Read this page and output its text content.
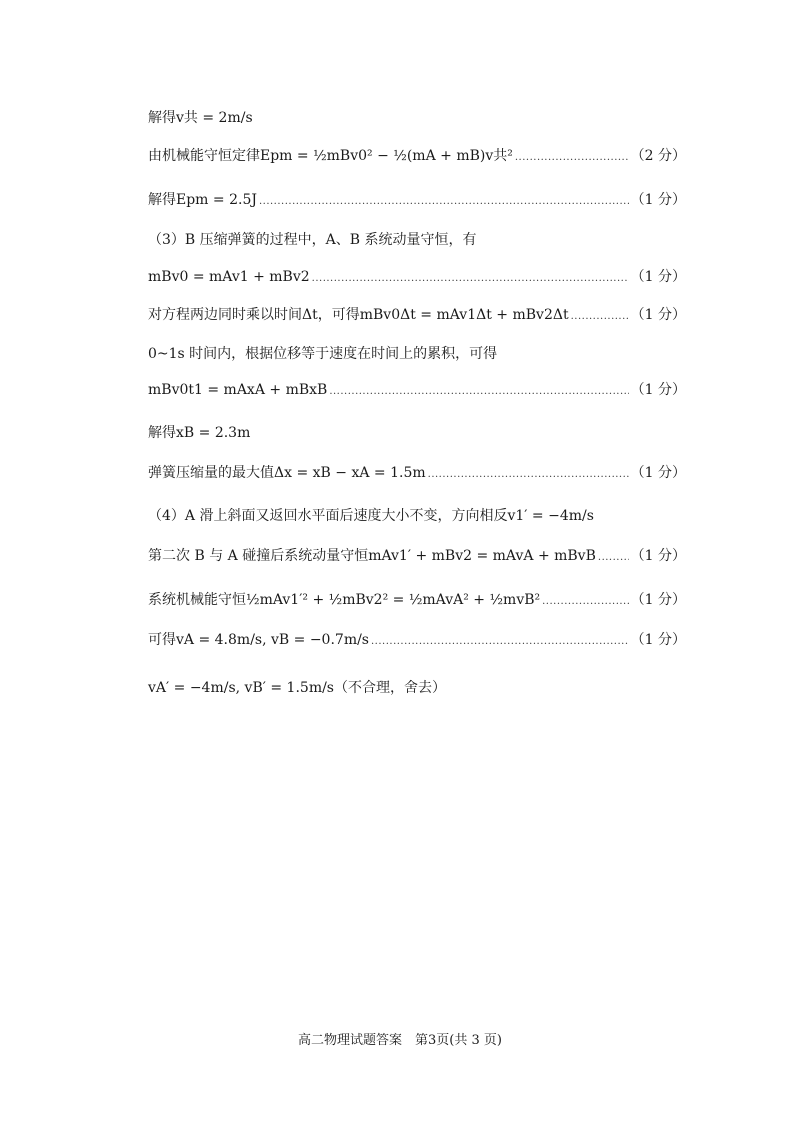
解得v共 = 2m/s
由机械能守恒定律Epm = ½mBv0² − ½(mA + mB)v共² .....	（2 分）
解得Epm = 2.5J .....	（1 分）
（3）B 压缩弹簧的过程中，A、B 系统动量守恒，有
mBv0 = mAv1 + mBv2 .....	（1 分）
对方程两边同时乘以时间Δt，可得mBv0Δt = mAv1Δt + mBv2Δt .....	（1 分）
0~1s 时间内，根据位移等于速度在时间上的累积，可得
mBv0t1 = mAxA + mBxB .....	（1 分）
解得xB = 2.3m
弹簧压缩量的最大值Δx = xB − xA = 1.5m .....	（1 分）
（4）A 滑上斜面又返回水平面后速度大小不变，方向相反v1′ = −4m/s
第二次 B 与 A 碰撞后系统动量守恒mAv1′ + mBv2 = mAvA + mBvB ..... （1 分）
系统机械能守恒½mAv1′² + ½mBv2² = ½mAvA² + ½mvB² .....	（1 分）
可得vA = 4.8m/s, vB = −0.7m/s .....	（1 分）
vA′ = −4m/s, vB′ = 1.5m/s（不合理，舍去）
高二物理试题答案　第3页(共 3 页)
